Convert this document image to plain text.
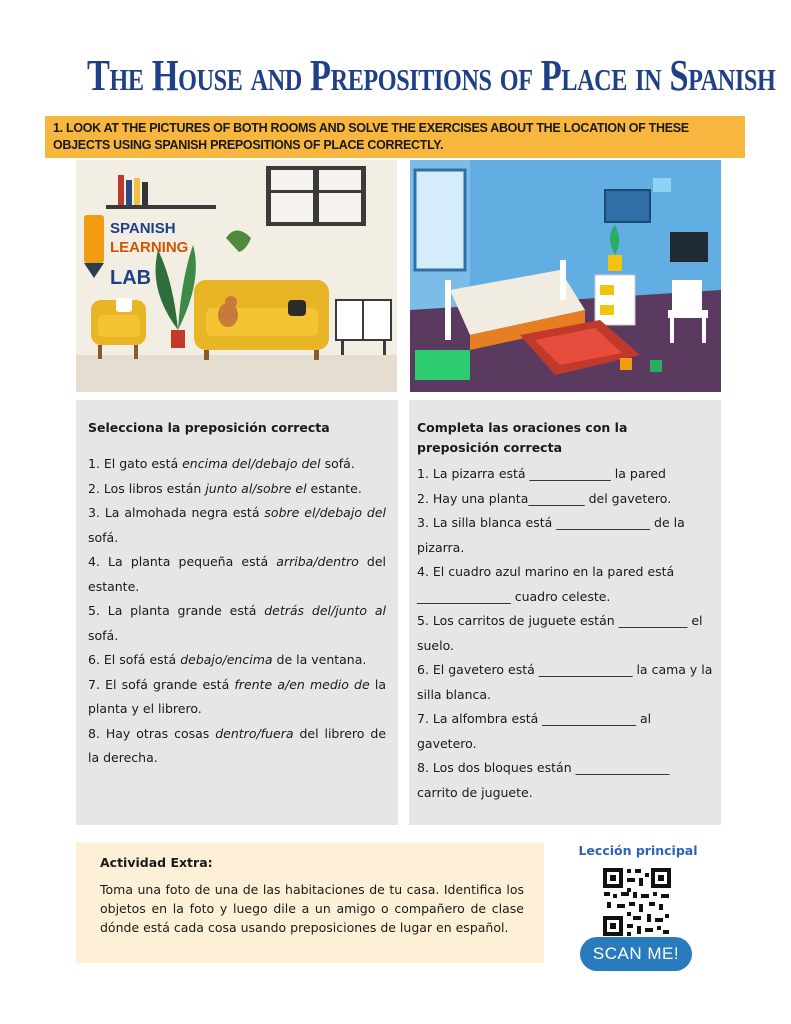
The House and Prepositions of Place in Spanish
1. LOOK AT THE PICTURES OF BOTH ROOMS AND SOLVE THE EXERCISES ABOUT THE LOCATION OF THESE OBJECTS USING SPANISH PREPOSITIONS OF PLACE CORRECTLY.
SPANISH
LEARNING
LAB
Selecciona la preposición correcta

1. El gato está encima del/debajo del sofá.

2. Los libros están junto al/sobre el estante.

3. La almohada negra está sobre el/debajo del sofá.

4. La planta pequeña está arriba/dentro del estante.

5. La planta grande está detrás del/junto al sofá.

6. El sofá está debajo/encima de la ventana.

7. El sofá grande está frente a/en medio de la planta y el librero.

8. Hay otras cosas dentro/fuera del librero de la derecha.

Completa las oraciones con la preposición correcta

1. La pizarra está _____________ la pared

2. Hay una planta_________ del gavetero.

3. La silla blanca está _______________ de la pizarra.

4. El cuadro azul marino en la pared está _______________ cuadro celeste.

5. Los carritos de juguete están ___________ el suelo.

6. El gavetero está _______________ la cama y la silla blanca.

7. La alfombra está _______________ al gavetero.

8. Los dos bloques están _______________ carrito de juguete.

Actividad Extra:

Toma una foto de una de las habitaciones de tu casa. Identifica los objetos en la foto y luego dile a un amigo o compañero de clase dónde está cada cosa usando preposiciones de lugar en español.

Lección principal
SCAN ME!
